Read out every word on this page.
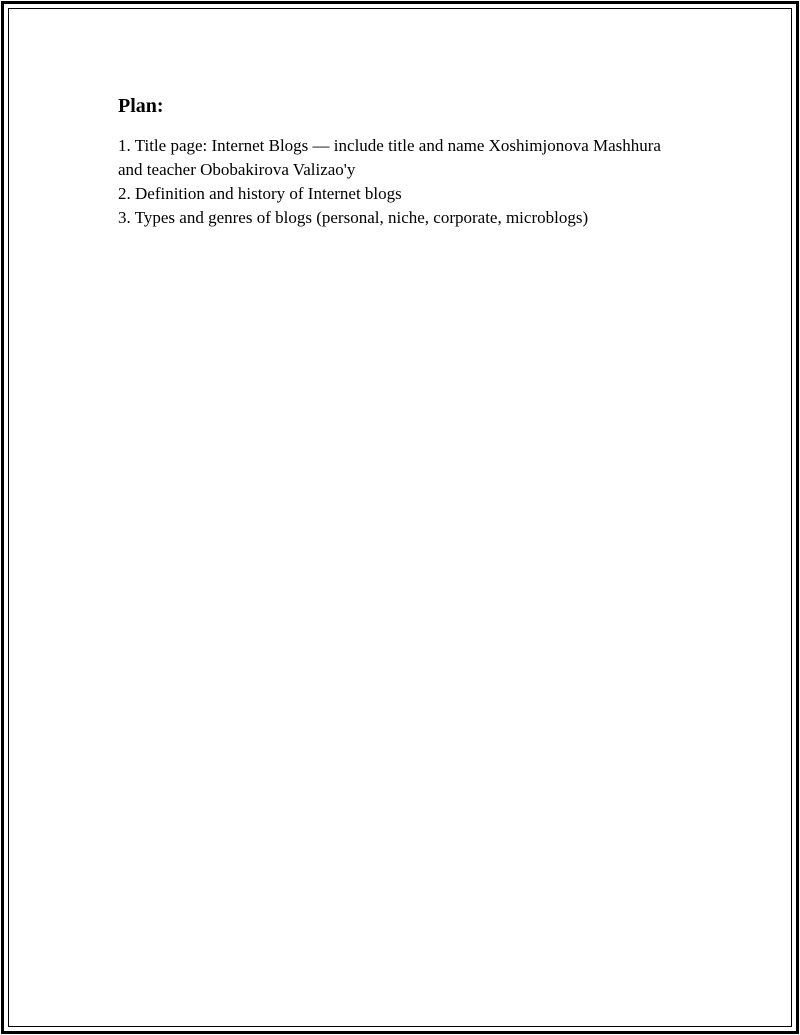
Plan:
1. Title page: Internet Blogs — include title and name Xoshimjonova Mashhura and teacher Obobakirova Valizao'y
2. Definition and history of Internet blogs
3. Types and genres of blogs (personal, niche, corporate, microblogs)
